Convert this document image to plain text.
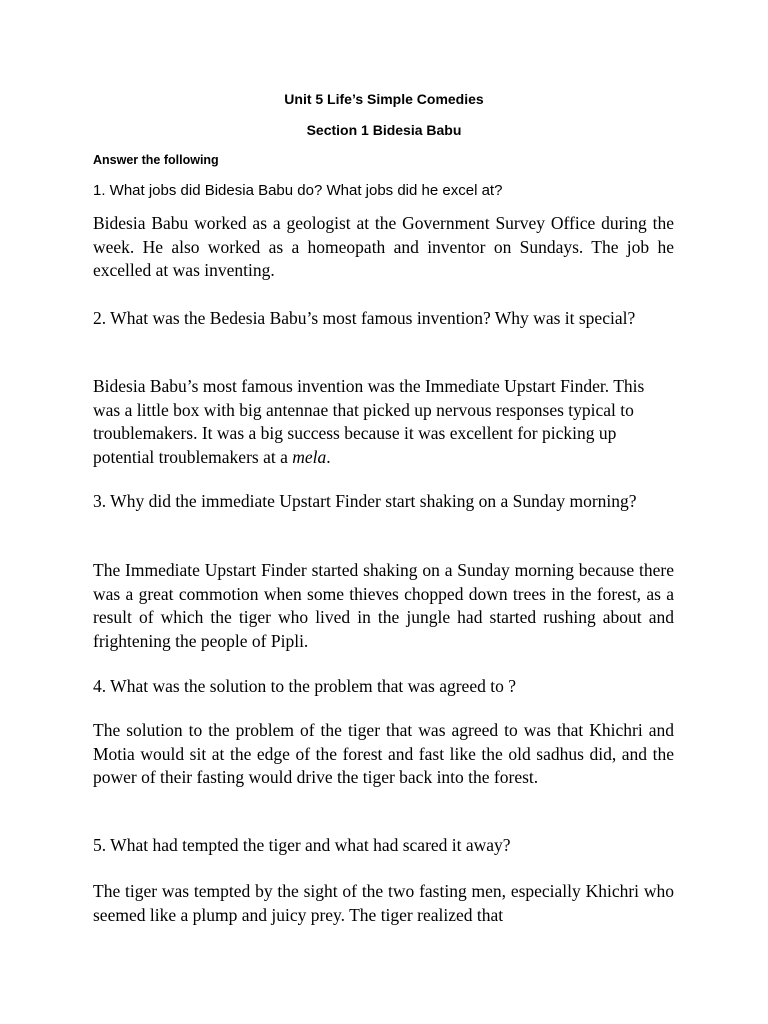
Unit 5 Life’s Simple Comedies
Section 1 Bidesia Babu
Answer the following
1. What jobs did Bidesia Babu do? What jobs did he excel at?
Bidesia Babu worked as a geologist at the Government Survey Office during the week. He also worked as a homeopath and inventor on Sundays. The job he excelled at was inventing.
2. What was the Bedesia Babu’s most famous invention? Why was it special?
Bidesia Babu’s most famous invention was the Immediate Upstart Finder. This was a little box with big antennae that picked up nervous responses typical to troublemakers. It was a big success because it was excellent for picking up potential troublemakers at a mela.
3. Why did the immediate Upstart Finder start shaking on a Sunday morning?
The Immediate Upstart Finder started shaking on a Sunday morning because there was a great commotion when some thieves chopped down trees in the forest, as a result of which the tiger who lived in the jungle had started rushing about and frightening the people of Pipli.
4. What was the solution to the problem that was agreed to ?
The solution to the problem of the tiger that was agreed to was that Khichri and Motia would sit at the edge of the forest and fast like the old sadhus did, and the power of their fasting would drive the tiger back into the forest.
5. What had tempted the tiger and what had scared it away?
The tiger was tempted by the sight of the two fasting men, especially Khichri who seemed like a plump and juicy prey. The tiger realized that
